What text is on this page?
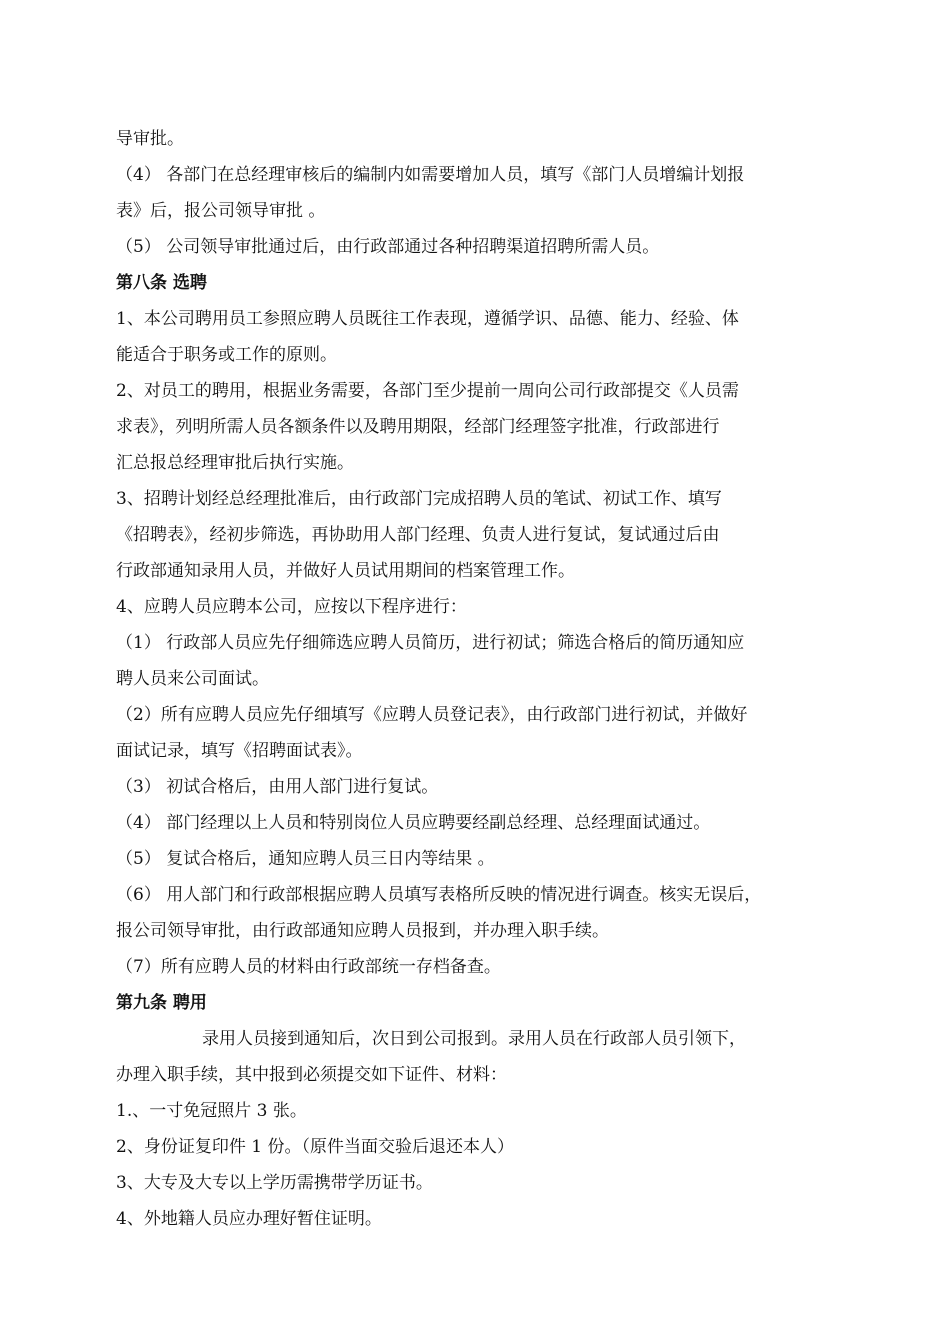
导审批。
（4） 各部门在总经理审核后的编制内如需要增加人员，填写《部门人员增编计划报
表》后，报公司领导审批 。
（5） 公司领导审批通过后，由行政部通过各种招聘渠道招聘所需人员。
第八条 选聘
1、本公司聘用员工参照应聘人员既往工作表现，遵循学识、品德、能力、经验、体
能适合于职务或工作的原则。
2、对员工的聘用，根据业务需要，各部门至少提前一周向公司行政部提交《人员需
求表》，列明所需人员各额条件以及聘用期限，经部门经理签字批准，行政部进行
汇总报总经理审批后执行实施。
3、招聘计划经总经理批准后，由行政部门完成招聘人员的笔试、初试工作、填写
《招聘表》，经初步筛选，再协助用人部门经理、负责人进行复试，复试通过后由
行政部通知录用人员，并做好人员试用期间的档案管理工作。
4、应聘人员应聘本公司，应按以下程序进行：
（1） 行政部人员应先仔细筛选应聘人员简历，进行初试；筛选合格后的简历通知应
聘人员来公司面试。
（2）所有应聘人员应先仔细填写《应聘人员登记表》，由行政部门进行初试，并做好
面试记录，填写《招聘面试表》。
（3） 初试合格后，由用人部门进行复试。
（4） 部门经理以上人员和特别岗位人员应聘要经副总经理、总经理面试通过。
（5） 复试合格后，通知应聘人员三日内等结果 。
（6） 用人部门和行政部根据应聘人员填写表格所反映的情况进行调查。核实无误后，
报公司领导审批，由行政部通知应聘人员报到，并办理入职手续。
（7）所有应聘人员的材料由行政部统一存档备查。
第九条 聘用
录用人员接到通知后，次日到公司报到。录用人员在行政部人员引领下，
办理入职手续，其中报到必须提交如下证件、材料：
1.、一寸免冠照片 3 张。
2、身份证复印件 1 份。（原件当面交验后退还本人）
3、大专及大专以上学历需携带学历证书。
4、外地籍人员应办理好暂住证明。
